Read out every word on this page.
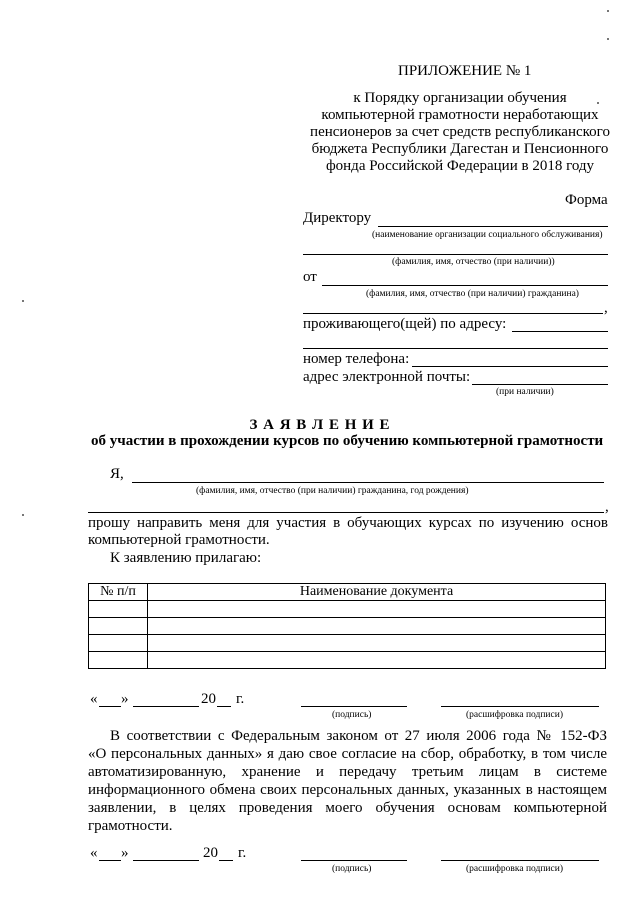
ПРИЛОЖЕНИЕ № 1
к Порядку организации обучения
компьютерной грамотности неработающих
пенсионеров за счет средств республиканского
бюджета Республики Дагестан и Пенсионного
фонда Российской Федерации в 2018 году
Форма
Директору
(наименование организации социального обслуживания)
(фамилия, имя, отчество (при наличии))
от
(фамилия, имя, отчество (при наличии) гражданина)
,
проживающего(щей) по адресу:
номер телефона:
адрес электронной почты:
(при наличии)
З А Я В Л Е Н И Е
об участии в прохождении курсов по обучению компьютерной грамотности
Я,
(фамилия, имя, отчество (при наличии) гражданина, год рождения)
,
прошу направить меня для участия в обучающих курсах по изучению основ
компьютерной грамотности.
К заявлению прилагаю:
№ п/п	Наименование документа

« »	20 г.
(подпись)	(расшифровка подписи)
В соответствии с Федеральным законом от 27 июля 2006 года № 152-ФЗ
«О персональных данных» я даю свое согласие на сбор, обработку, в том числе
автоматизированную, хранение и передачу третьим лицам в системе
информационного обмена своих персональных данных, указанных в настоящем
заявлении, в целях проведения моего обучения основам компьютерной
грамотности.
« »	20 г.
(подпись)	(расшифровка подписи)
